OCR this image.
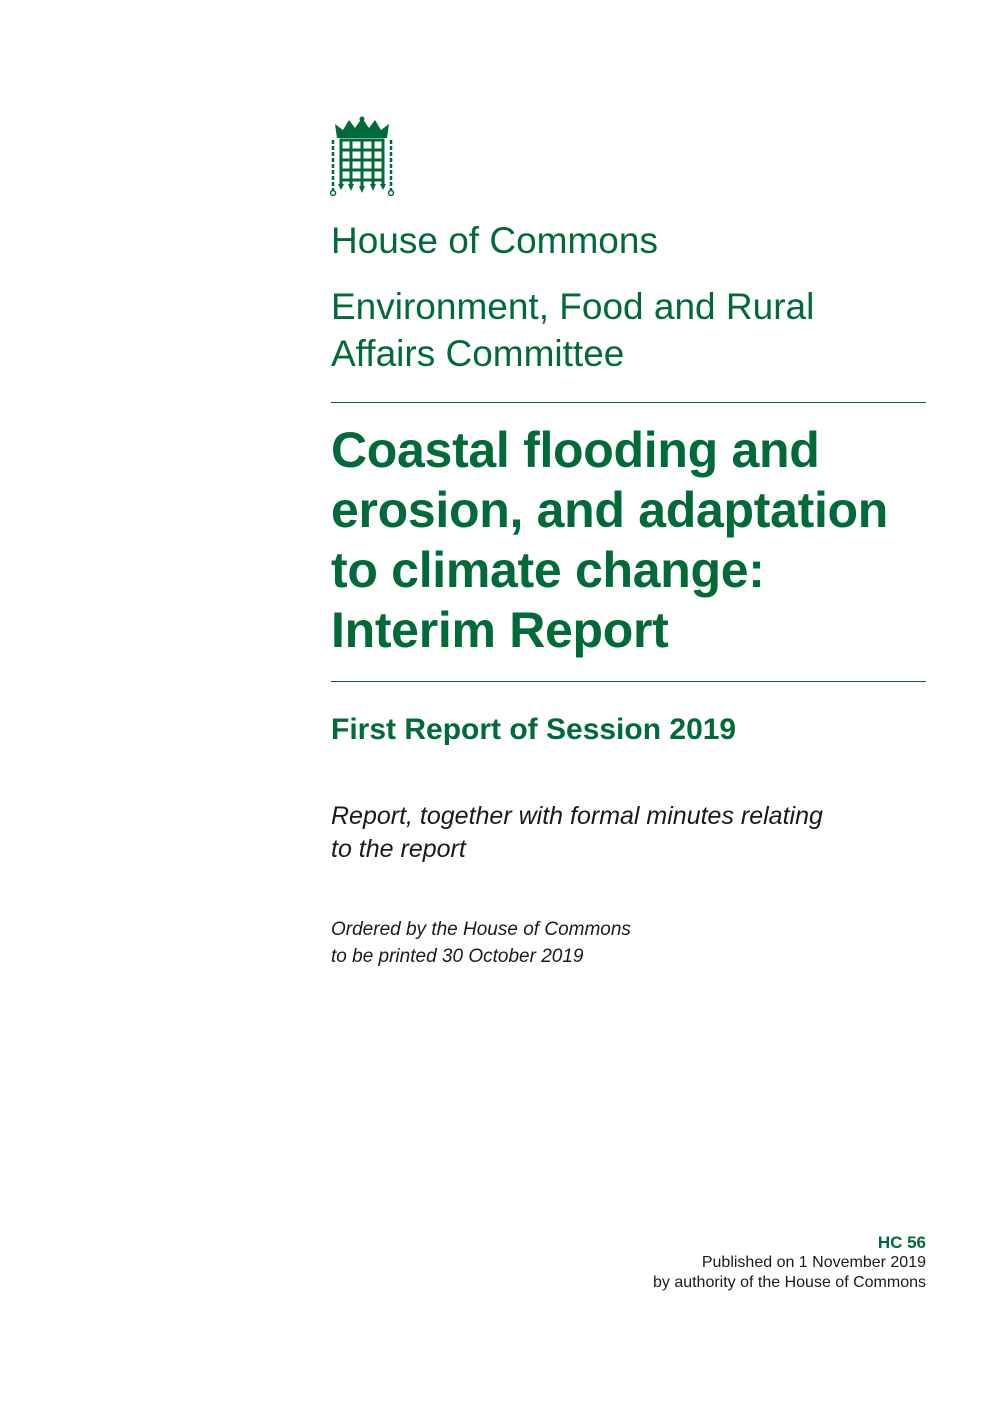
House of Commons
Environment, Food and Rural
Affairs Committee
Coastal flooding and
erosion, and adaptation
to climate change:
Interim Report
First Report of Session 2019
Report, together with formal minutes relating
to the report
Ordered by the House of Commons
to be printed 30 October 2019
HC 56
Published on 1 November 2019
by authority of the House of Commons
